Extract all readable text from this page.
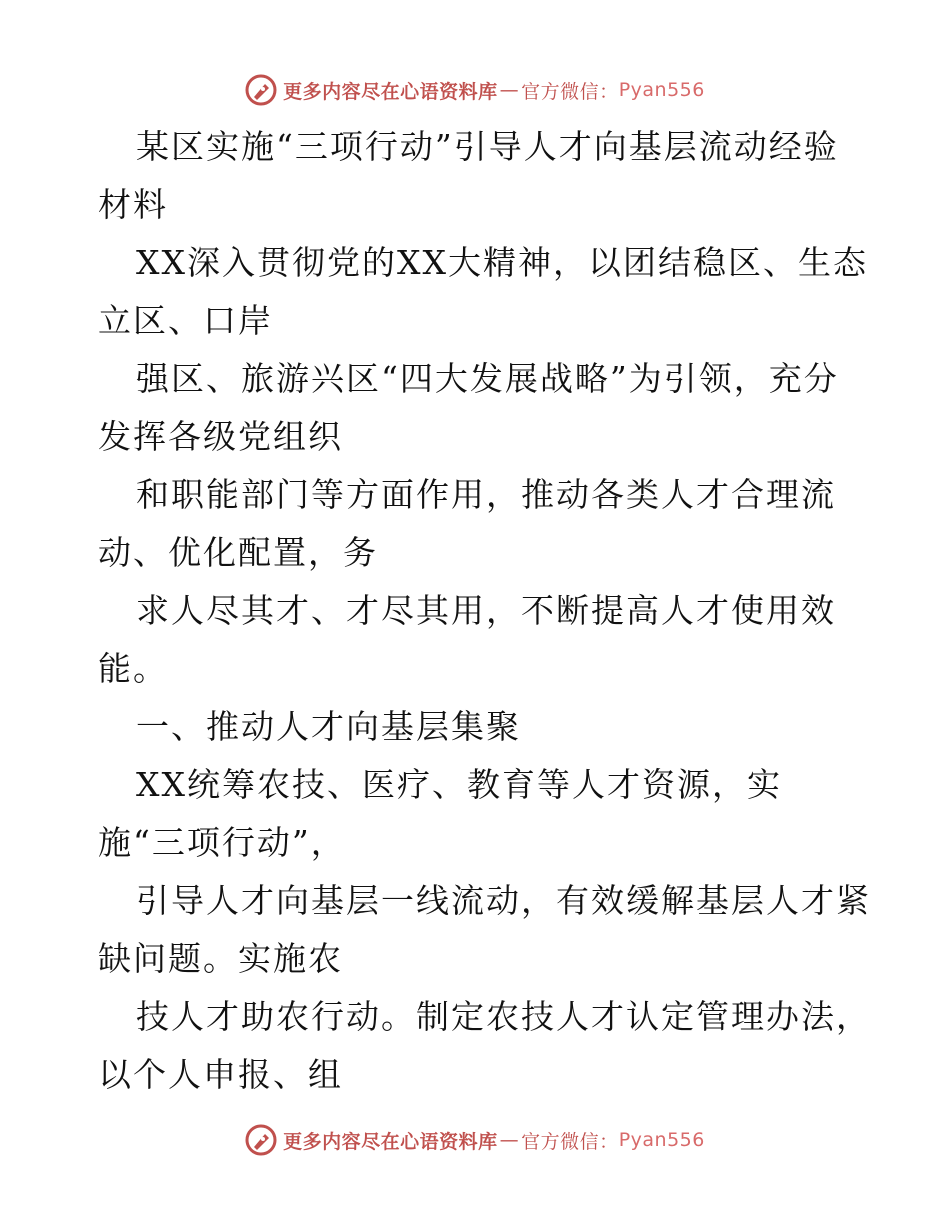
更多内容尽在心语资料库 — 官方微信： Pyan556
某区实施“三项行动”引导人才向基层流动经验
材料
XX深入贯彻党的XX大精神，以团结稳区、生态
立区、口岸
强区、旅游兴区“四大发展战略”为引领，充分
发挥各级党组织
和职能部门等方面作用，推动各类人才合理流
动、优化配置，务
求人尽其才、才尽其用，不断提高人才使用效
能。
一、推动人才向基层集聚
XX统筹农技、医疗、教育等人才资源，实
施“三项行动”，
引导人才向基层一线流动，有效缓解基层人才紧
缺问题。实施农
技人才助农行动。制定农技人才认定管理办法，
以个人申报、组
更多内容尽在心语资料库 — 官方微信： Pyan556
